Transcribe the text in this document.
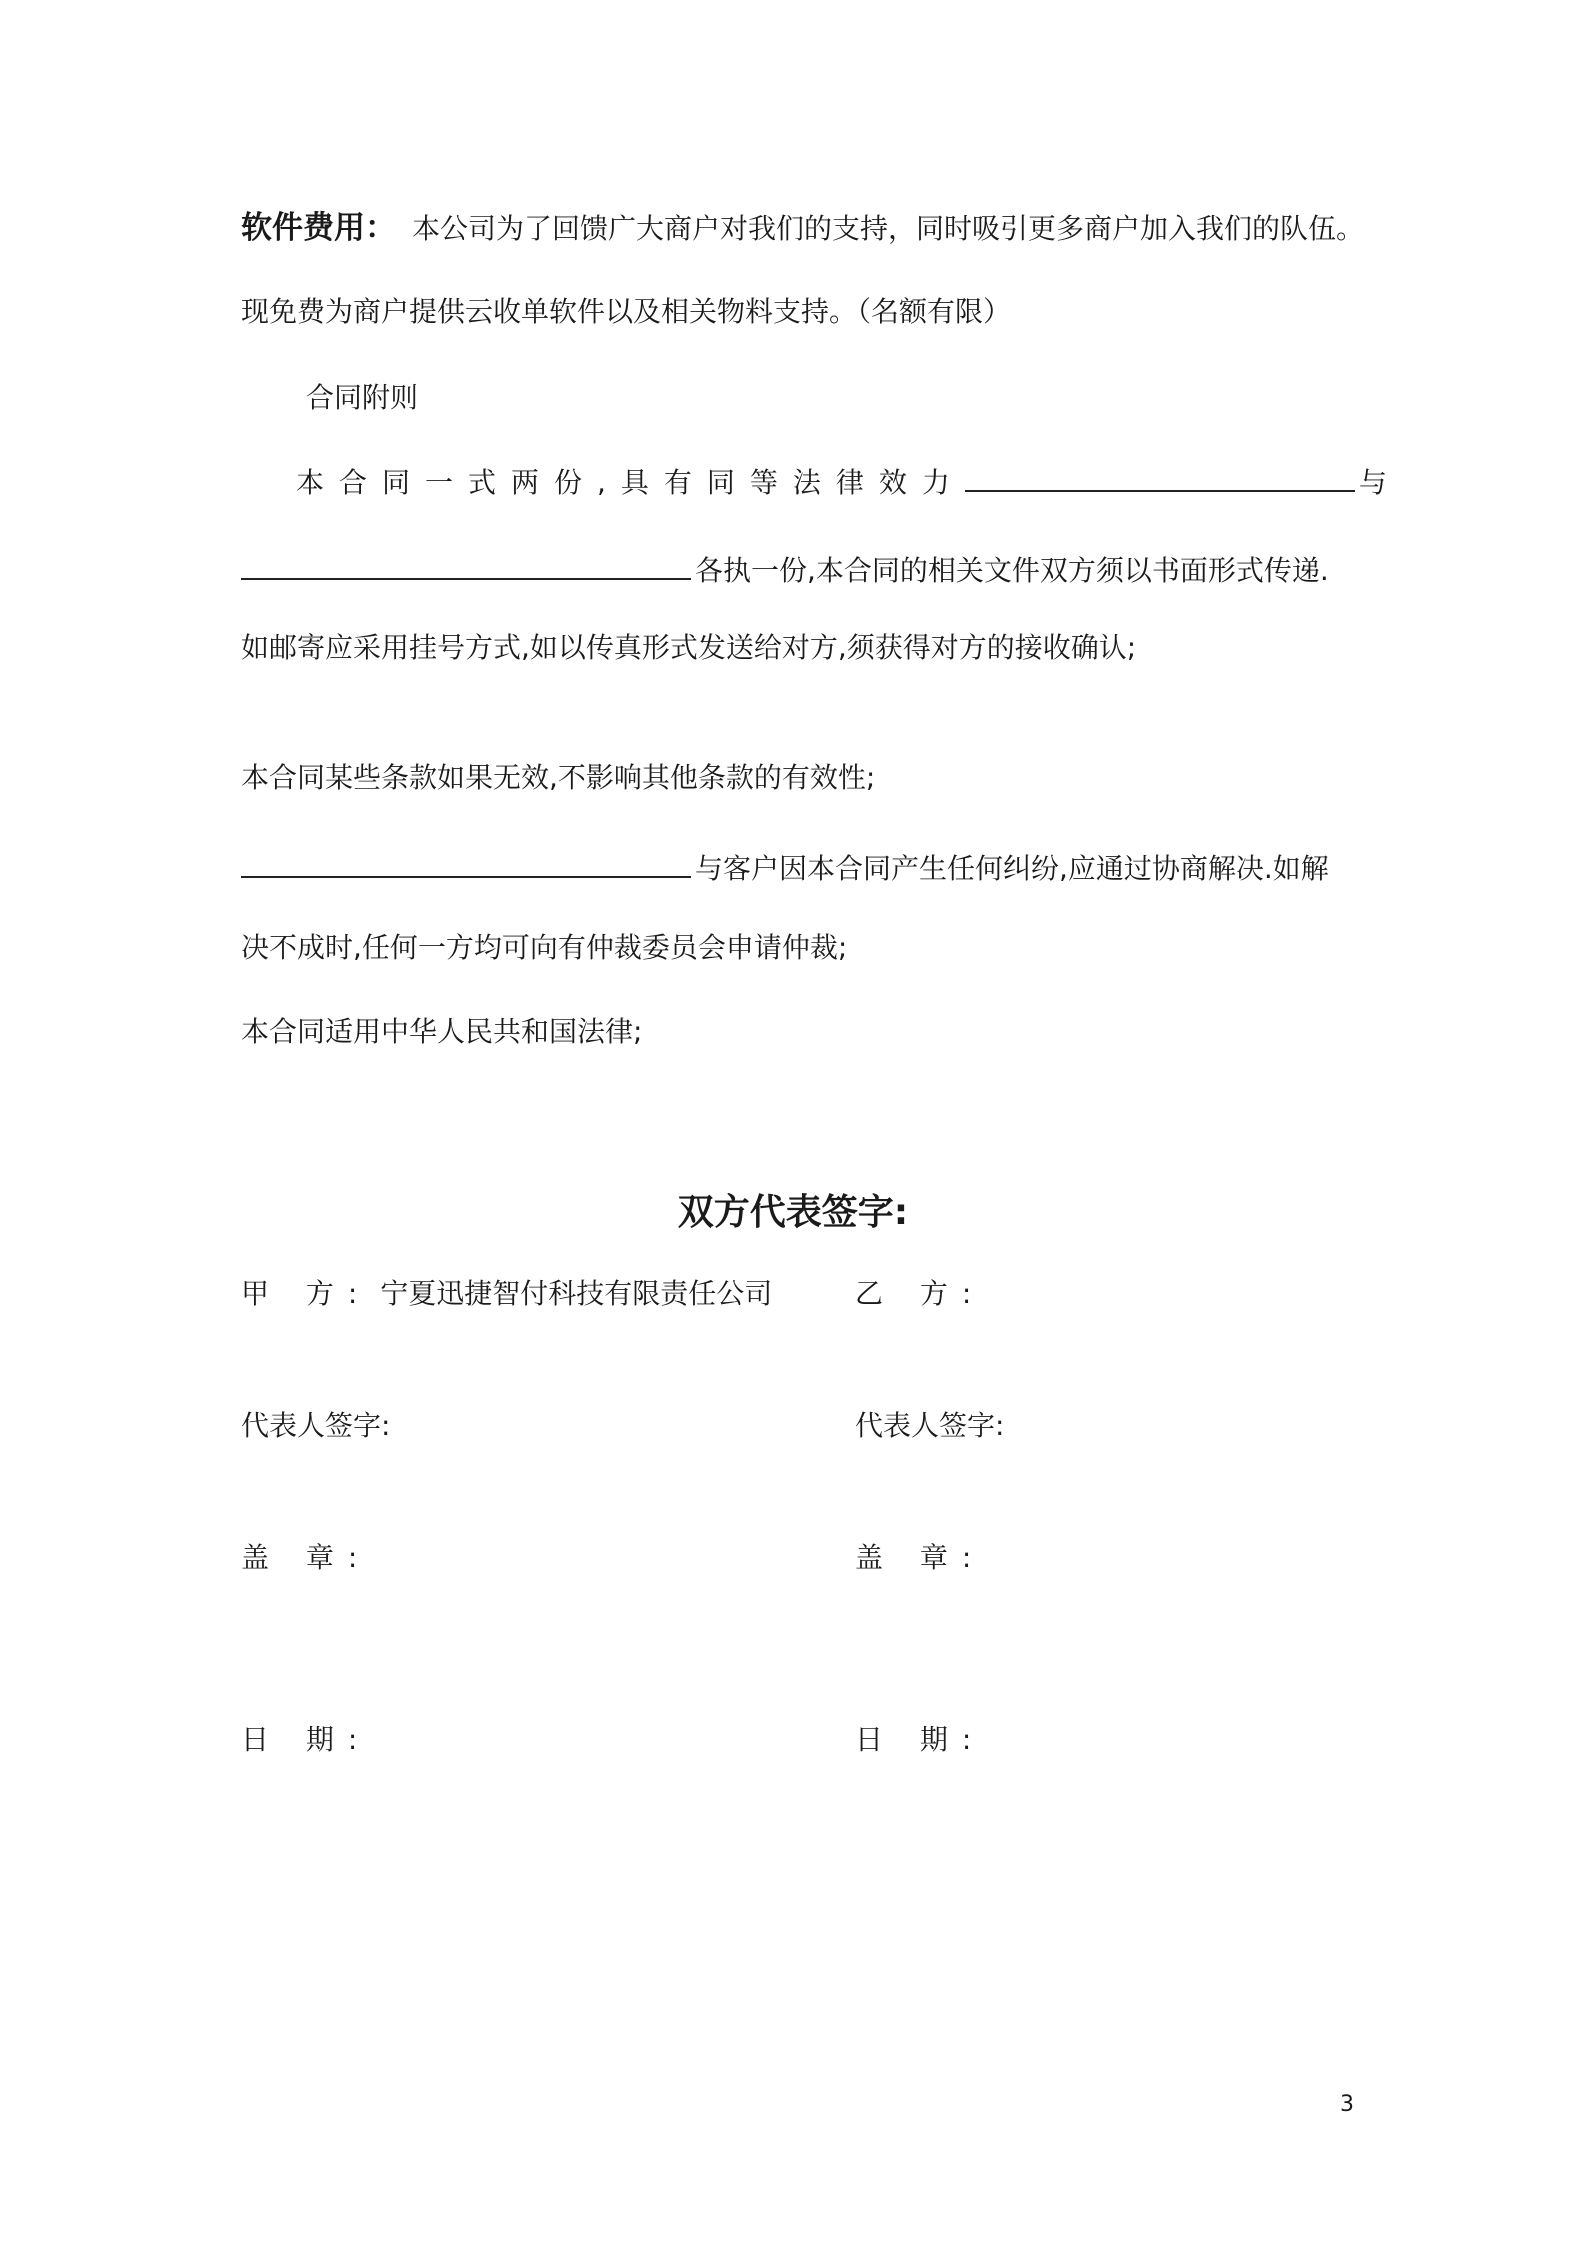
软件费用： 本公司为了回馈广大商户对我们的支持，同时吸引更多商户加入我们的队伍。
现免费为商户提供云收单软件以及相关物料支持。（名额有限）
合同附则
本合同一式两份,具有同等法律效力	与
各执一份,本合同的相关文件双方须以书面形式传递.
如邮寄应采用挂号方式,如以传真形式发送给对方,须获得对方的接收确认;
本合同某些条款如果无效,不影响其他条款的有效性;
与客户因本合同产生任何纠纷,应通过协商解决.如解
决不成时,任何一方均可向有仲裁委员会申请仲裁;
本合同适用中华人民共和国法律;
双方代表签字:
甲 方: 宁夏迅捷智付科技有限责任公司	乙 方:
代表人签字:	代表人签字:
盖 章:	盖 章:
日 期:	日 期:
3
